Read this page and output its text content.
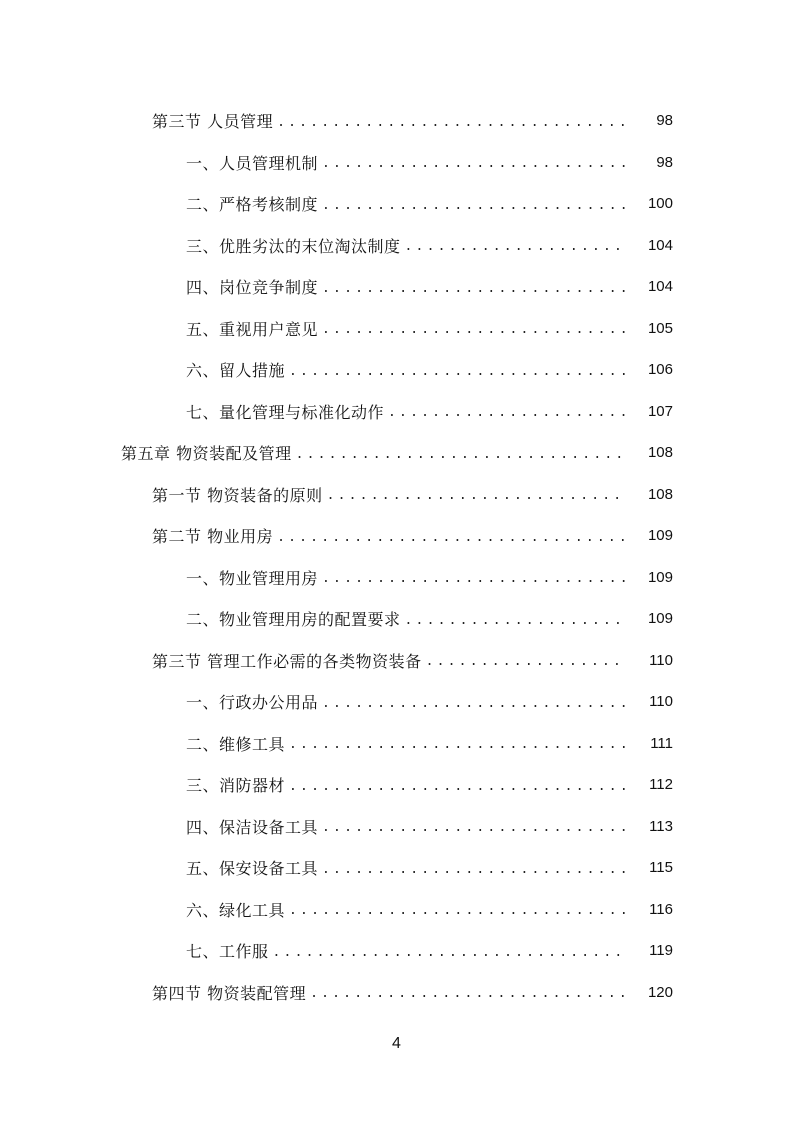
第三节 人员管理 .....	98
一、人员管理机制 .....	98
二、严格考核制度 .....	100
三、优胜劣汰的末位淘汰制度 .....	104
四、岗位竞争制度 .....	104
五、重视用户意见 .....	105
六、留人措施 .....	106
七、量化管理与标准化动作 .....	107
第五章 物资装配及管理 .....	108
第一节 物资装备的原则 .....	108
第二节 物业用房 .....	109
一、物业管理用房 .....	109
二、物业管理用房的配置要求 .....	109
第三节 管理工作必需的各类物资装备 .....	110
一、行政办公用品 .....	110
二、维修工具 .....	111
三、消防器材 .....	112
四、保洁设备工具 .....	113
五、保安设备工具 .....	115
六、绿化工具 .....	116
七、工作服 .....	119
第四节 物资装配管理 .....	120
4
